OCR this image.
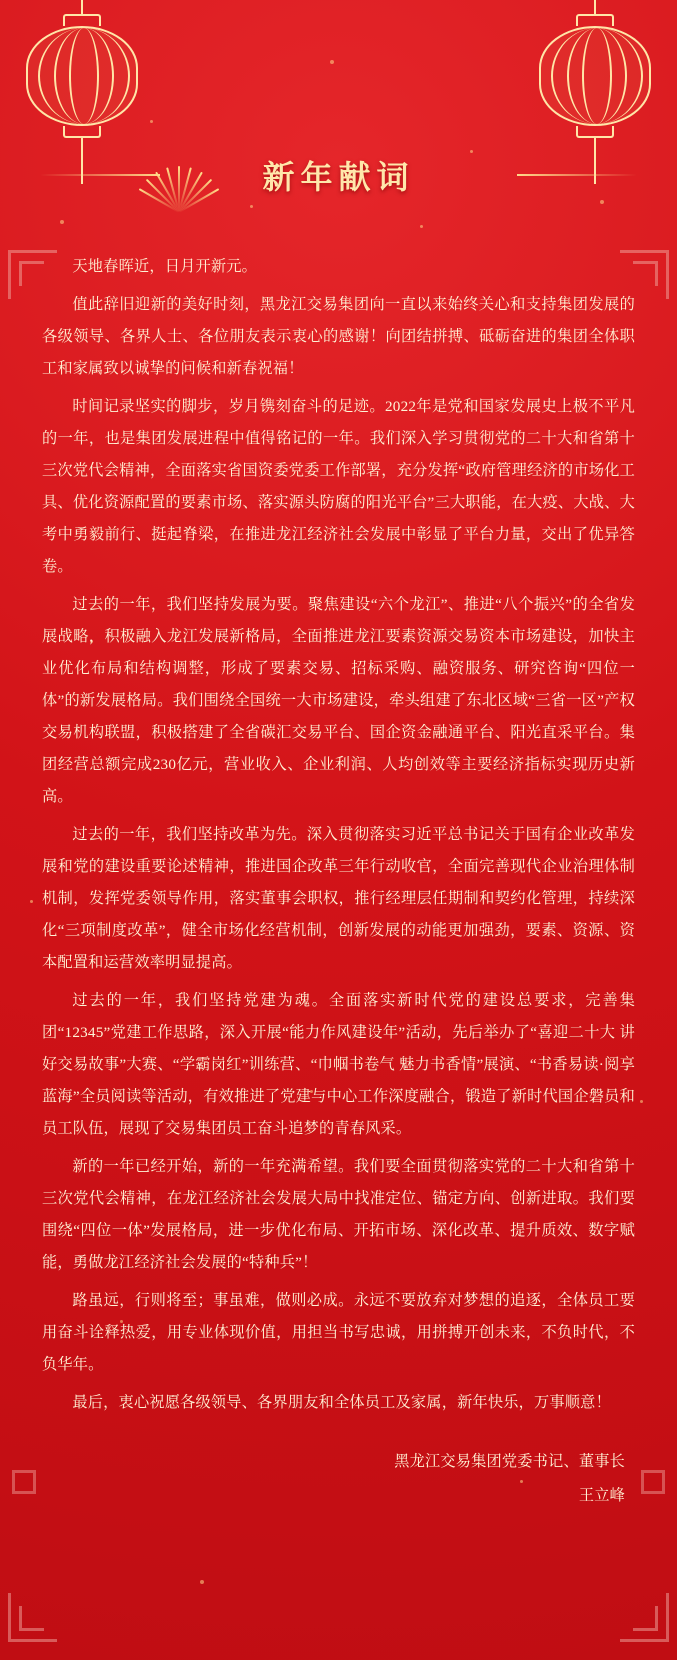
新年献词

天地春晖近，日月开新元。

值此辞旧迎新的美好时刻，黑龙江交易集团向一直以来始终关心和支持集团发展的各级领导、各界人士、各位朋友表示衷心的感谢！向团结拼搏、砥砺奋进的集团全体职工和家属致以诚挚的问候和新春祝福！

时间记录坚实的脚步，岁月镌刻奋斗的足迹。2022年是党和国家发展史上极不平凡的一年，也是集团发展进程中值得铭记的一年。我们深入学习贯彻党的二十大和省第十三次党代会精神，全面落实省国资委党委工作部署，充分发挥“政府管理经济的市场化工具、优化资源配置的要素市场、落实源头防腐的阳光平台”三大职能，在大疫、大战、大考中勇毅前行、挺起脊梁，在推进龙江经济社会发展中彰显了平台力量，交出了优异答卷。

过去的一年，我们坚持发展为要。聚焦建设“六个龙江”、推进“八个振兴”的全省发展战略，积极融入龙江发展新格局，全面推进龙江要素资源交易资本市场建设，加快主业优化布局和结构调整，形成了要素交易、招标采购、融资服务、研究咨询“四位一体”的新发展格局。我们围绕全国统一大市场建设，牵头组建了东北区域“三省一区”产权交易机构联盟，积极搭建了全省碳汇交易平台、国企资金融通平台、阳光直采平台。集团经营总额完成230亿元，营业收入、企业利润、人均创效等主要经济指标实现历史新高。

过去的一年，我们坚持改革为先。深入贯彻落实习近平总书记关于国有企业改革发展和党的建设重要论述精神，推进国企改革三年行动收官，全面完善现代企业治理体制机制，发挥党委领导作用，落实董事会职权，推行经理层任期制和契约化管理，持续深化“三项制度改革”，健全市场化经营机制，创新发展的动能更加强劲，要素、资源、资本配置和运营效率明显提高。

过去的一年，我们坚持党建为魂。全面落实新时代党的建设总要求，完善集团“12345”党建工作思路，深入开展“能力作风建设年”活动，先后举办了“喜迎二十大 讲好交易故事”大赛、“学霸岗红”训练营、“巾帼书卷气 魅力书香情”展演、“书香易读·阅享蓝海”全员阅读等活动，有效推进了党建与中心工作深度融合，锻造了新时代国企磐员和员工队伍，展现了交易集团员工奋斗追梦的青春风采。

新的一年已经开始，新的一年充满希望。我们要全面贯彻落实党的二十大和省第十三次党代会精神，在龙江经济社会发展大局中找准定位、锚定方向、创新进取。我们要围绕“四位一体”发展格局，进一步优化布局、开拓市场、深化改革、提升质效、数字赋能，勇做龙江经济社会发展的“特种兵”！

路虽远，行则将至；事虽难，做则必成。永远不要放弃对梦想的追逐，全体员工要用奋斗诠释热爱，用专业体现价值，用担当书写忠诚，用拼搏开创未来，不负时代，不负华年。

最后，衷心祝愿各级领导、各界朋友和全体员工及家属，新年快乐，万事顺意！

黑龙江交易集团党委书记、董事长
王立峰
